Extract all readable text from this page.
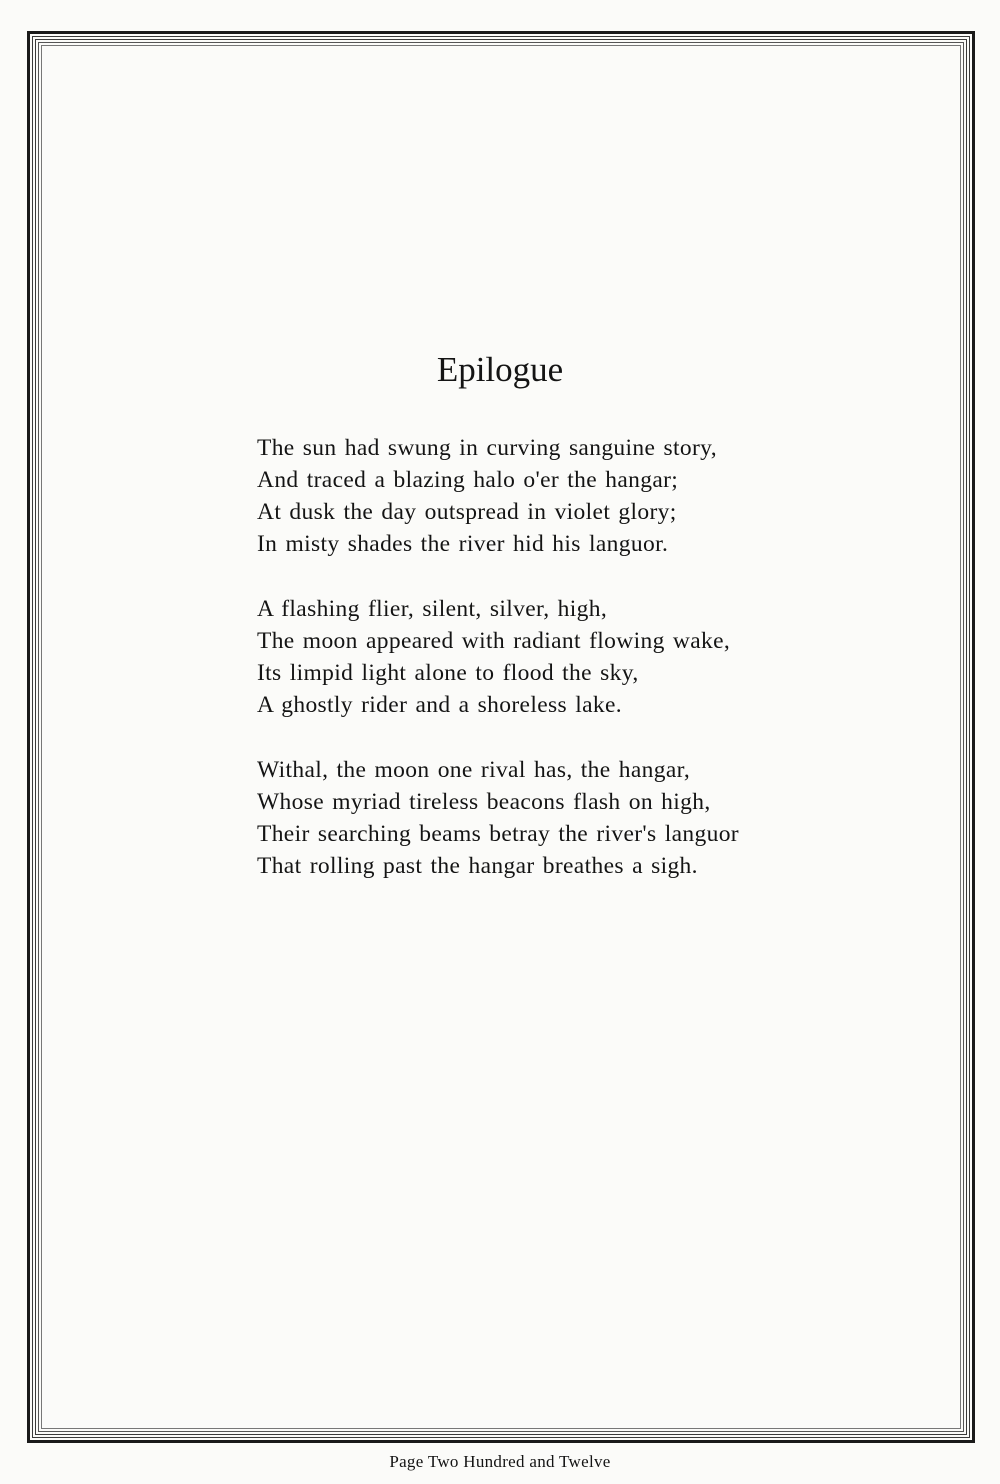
Epilogue
The sun had swung in curving sanguine story,
And traced a blazing halo o'er the hangar;
At dusk the day outspread in violet glory;
In misty shades the river hid his languor.
A flashing flier, silent, silver, high,
The moon appeared with radiant flowing wake,
Its limpid light alone to flood the sky,
A ghostly rider and a shoreless lake.
Withal, the moon one rival has, the hangar,
Whose myriad tireless beacons flash on high,
Their searching beams betray the river's languor
That rolling past the hangar breathes a sigh.
Page Two Hundred and Twelve
